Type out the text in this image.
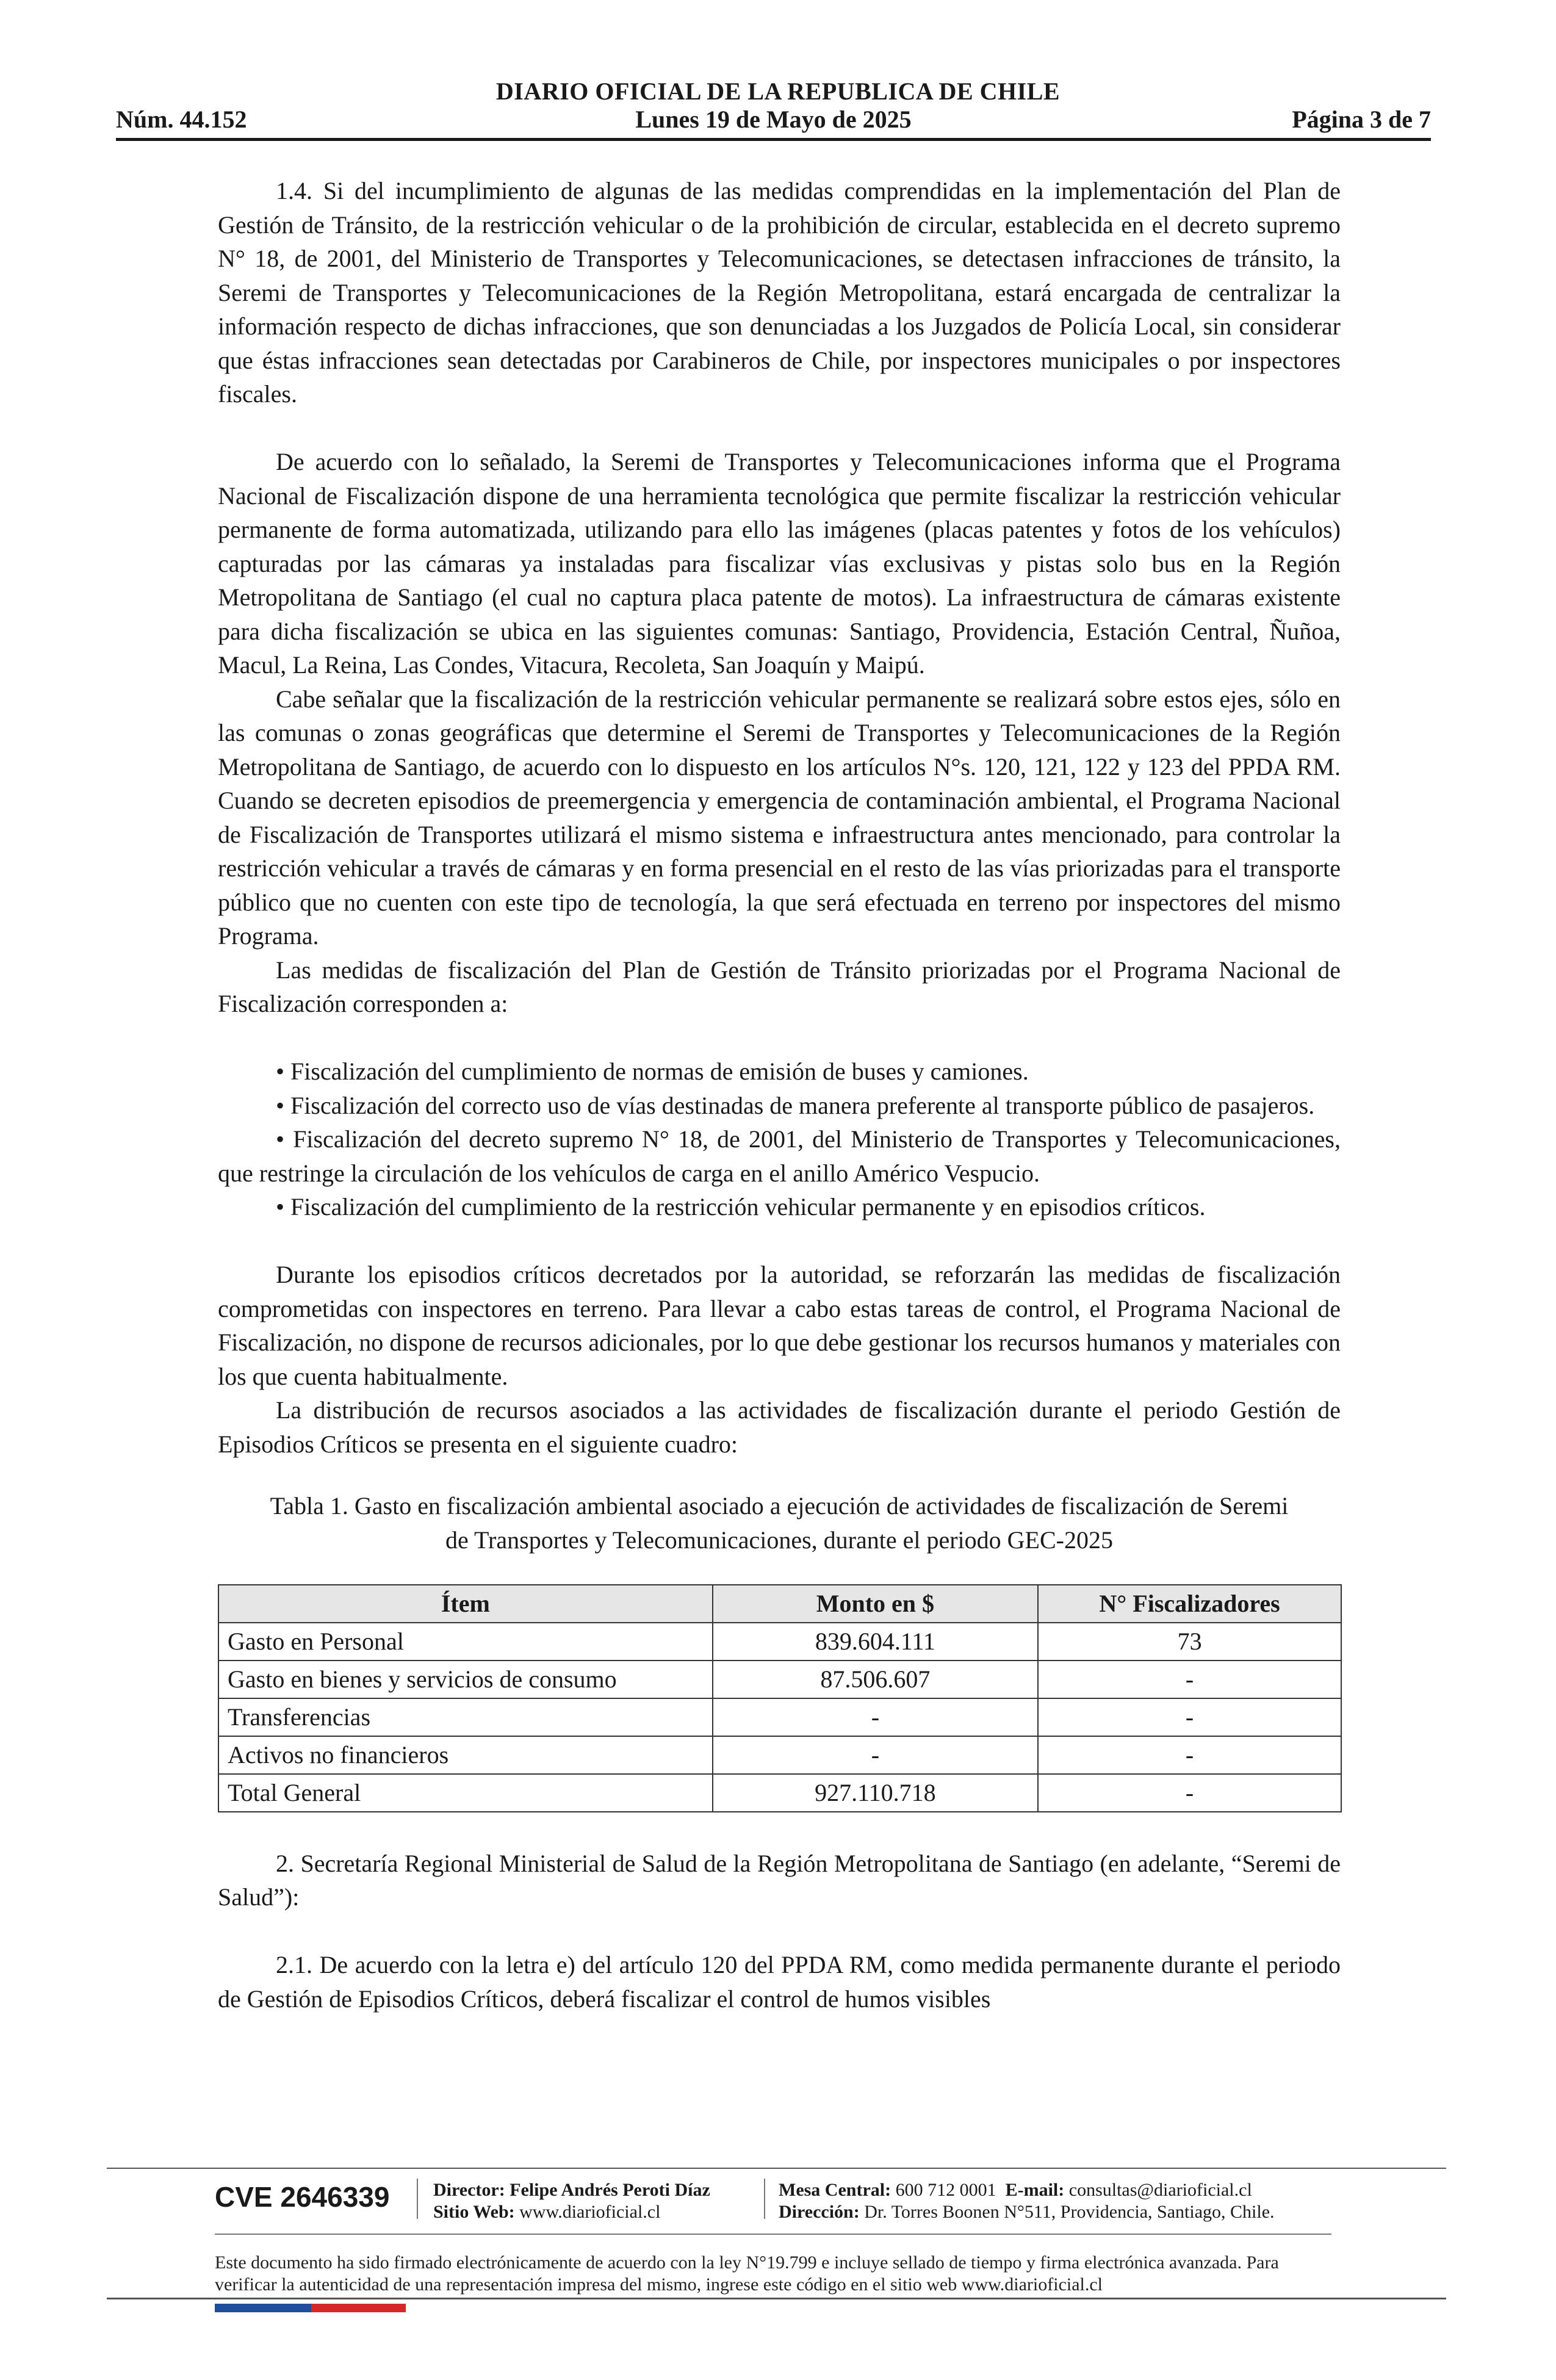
DIARIO OFICIAL DE LA REPUBLICA DE CHILE
Núm. 44.152	Lunes 19 de Mayo de 2025	Página 3 de 7

1.4. Si del incumplimiento de algunas de las medidas comprendidas en la implementación del Plan de Gestión de Tránsito, de la restricción vehicular o de la prohibición de circular, establecida en el decreto supremo N° 18, de 2001, del Ministerio de Transportes y Telecomunicaciones, se detectasen infracciones de tránsito, la Seremi de Transportes y Telecomunicaciones de la Región Metropolitana, estará encargada de centralizar la información respecto de dichas infracciones, que son denunciadas a los Juzgados de Policía Local, sin considerar que éstas infracciones sean detectadas por Carabineros de Chile, por inspectores municipales o por inspectores fiscales.

De acuerdo con lo señalado, la Seremi de Transportes y Telecomunicaciones informa que el Programa Nacional de Fiscalización dispone de una herramienta tecnológica que permite fiscalizar la restricción vehicular permanente de forma automatizada, utilizando para ello las imágenes (placas patentes y fotos de los vehículos) capturadas por las cámaras ya instaladas para fiscalizar vías exclusivas y pistas solo bus en la Región Metropolitana de Santiago (el cual no captura placa patente de motos). La infraestructura de cámaras existente para dicha fiscalización se ubica en las siguientes comunas: Santiago, Providencia, Estación Central, Ñuñoa, Macul, La Reina, Las Condes, Vitacura, Recoleta, San Joaquín y Maipú.

Cabe señalar que la fiscalización de la restricción vehicular permanente se realizará sobre estos ejes, sólo en las comunas o zonas geográficas que determine el Seremi de Transportes y Telecomunicaciones de la Región Metropolitana de Santiago, de acuerdo con lo dispuesto en los artículos N°s. 120, 121, 122 y 123 del PPDA RM. Cuando se decreten episodios de preemergencia y emergencia de contaminación ambiental, el Programa Nacional de Fiscalización de Transportes utilizará el mismo sistema e infraestructura antes mencionado, para controlar la restricción vehicular a través de cámaras y en forma presencial en el resto de las vías priorizadas para el transporte público que no cuenten con este tipo de tecnología, la que será efectuada en terreno por inspectores del mismo Programa.

Las medidas de fiscalización del Plan de Gestión de Tránsito priorizadas por el Programa Nacional de Fiscalización corresponden a:

• Fiscalización del cumplimiento de normas de emisión de buses y camiones.

• Fiscalización del correcto uso de vías destinadas de manera preferente al transporte público de pasajeros.

• Fiscalización del decreto supremo N° 18, de 2001, del Ministerio de Transportes y Telecomunicaciones, que restringe la circulación de los vehículos de carga en el anillo Américo Vespucio.

• Fiscalización del cumplimiento de la restricción vehicular permanente y en episodios críticos.

Durante los episodios críticos decretados por la autoridad, se reforzarán las medidas de fiscalización comprometidas con inspectores en terreno. Para llevar a cabo estas tareas de control, el Programa Nacional de Fiscalización, no dispone de recursos adicionales, por lo que debe gestionar los recursos humanos y materiales con los que cuenta habitualmente.

La distribución de recursos asociados a las actividades de fiscalización durante el periodo Gestión de Episodios Críticos se presenta en el siguiente cuadro:

Tabla 1. Gasto en fiscalización ambiental asociado a ejecución de actividades de fiscalización de Seremi

de Transportes y Telecomunicaciones, durante el periodo GEC-2025

Ítem	Monto en $	N° Fiscalizadores
Gasto en Personal	839.604.111	73
Gasto en bienes y servicios de consumo	87.506.607	-
Transferencias	-	-
Activos no financieros	-	-
Total General	927.110.718	-

2. Secretaría Regional Ministerial de Salud de la Región Metropolitana de Santiago (en adelante, “Seremi de Salud”):

2.1. De acuerdo con la letra e) del artículo 120 del PPDA RM, como medida permanente durante el periodo de Gestión de Episodios Críticos, deberá fiscalizar el control de humos visibles

CVE 2646339 Director: Felipe Andrés Peroti Díaz
Sitio Web: www.diarioficial.cl
Mesa Central: 600 712 0001 E-mail: consultas@diarioficial.cl
Dirección: Dr. Torres Boonen N°511, Providencia, Santiago, Chile.
Este documento ha sido firmado electrónicamente de acuerdo con la ley N°19.799 e incluye sellado de tiempo y firma electrónica avanzada. Para verificar la autenticidad de una representación impresa del mismo, ingrese este código en el sitio web www.diarioficial.cl
